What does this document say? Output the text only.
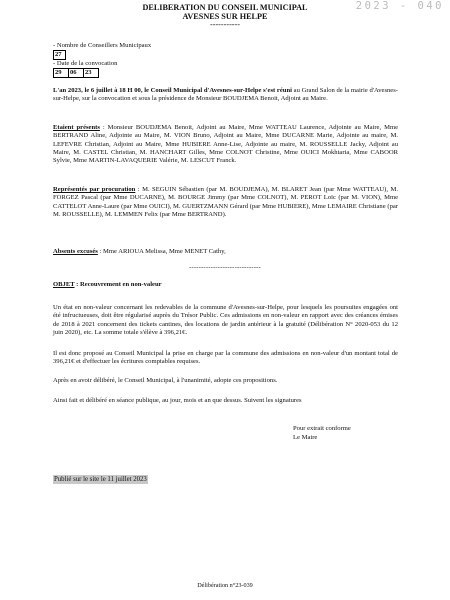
DELIBERATION DU CONSEIL MUNICIPAL
AVESNES SUR HELPE
-----------
2023 - 040
- Nombre de Conseillers Municipaux
27
- Date de la convocation
29	06	23
L'an 2023, le 6 juillet à 18 H 00, le Conseil Municipal d'Avesnes-sur-Helpe s'est réuni au Grand Salon de la mairie d'Avesnes-sur-Helpe, sur la convocation et sous la présidence de Monsieur BOUDJEMA Benoit, Adjoint au Maire.
Etaient présents : Monsieur BOUDJEMA Benoit, Adjoint au Maire, Mme WATTEAU Laurence, Adjointe au Maire, Mme BERTRAND Aline, Adjointe au Maire, M. VION Bruno, Adjoint au Maire, Mme DUCARNE Marie, Adjointe au maire, M. LEFEVRE Christian, Adjoint au Maire, Mme HUBIERE Anne-Lise, Adjointe au maire, M. ROUSSELLE Jacky, Adjoint au Maire, M. CASTEL Christian, M. HANCHART Gilles, Mme COLNOT Christine, Mme OUICI Mokhtaria, Mme CABOOR Sylvie, Mme MARTIN-LAVAQUERIE Valérie, M. LESCUT Franck.
Représentés par procuration : M. SEGUIN Sébastien (par M. BOUDJEMA), M. BLARET Jean (par Mme WATTEAU), M. FORGEZ Pascal (par Mme DUCARNE), M. BOURGE Jimmy (par Mme COLNOT), M. PEROT Loïc (par M. VION), Mme CATTELOT Anne-Laure (par Mme OUICI), M. GUERTZMANN Gérard (par Mme HUBIERE), Mme LEMAIRE Christiane (par M. ROUSSELLE), M. LEMMEN Felix (par Mme BERTRAND).
Absents excusés : Mme ARIOUA Melissa, Mme MENET Cathy,
------------------------------
OBJET : Recouvrement en non-valeur
Un état en non-valeur concernant les redevables de la commune d'Avesnes-sur-Helpe, pour lesquels les poursuites engagées ont été infructueuses, doit être régularisé auprès du Trésor Public. Ces admissions en non-valeur en rapport avec des créances émises de 2018 à 2021 concernent des tickets cantines, des locations de jardin antérieur à la gratuité (Délibération N° 2020-053 du 12 juin 2020), etc. La somme totale s'élève à 396,21€.
Il est donc proposé au Conseil Municipal la prise en charge par la commune des admissions en non-valeur d'un montant total de 396,21€ et d'effectuer les écritures comptables requises.
Après en avoir délibéré, le Conseil Municipal, à l'unanimité, adopte ces propositions.
Ainsi fait et délibéré en séance publique, au jour, mois et an que dessus. Suivent les signatures
Pour extrait conforme
Le Maire
Publié sur le site le 11 juillet 2023
Délibération n°23-039
